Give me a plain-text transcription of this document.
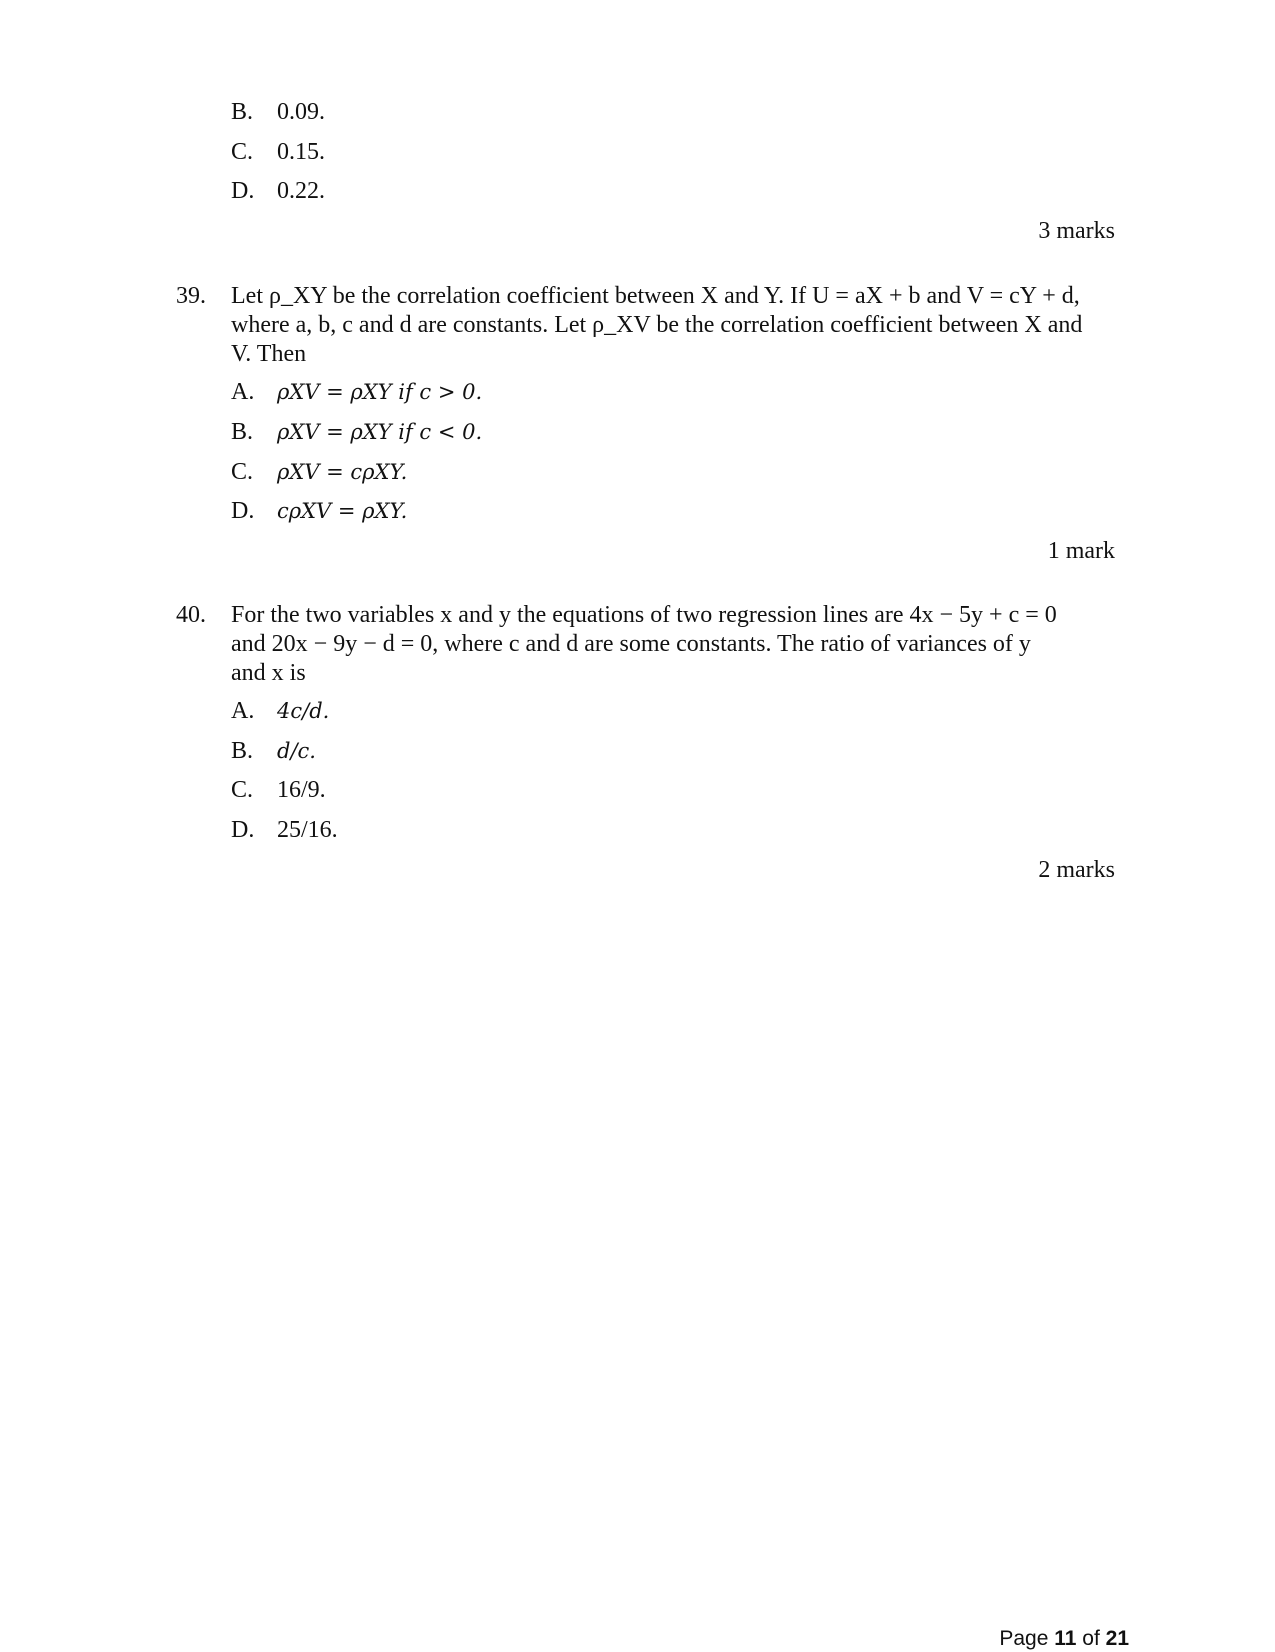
B. 0.09.
C. 0.15.
D. 0.22.
3 marks
39. Let ρ_XY be the correlation coefficient between X and Y. If U = aX + b and V = cY + d,
where a, b, c and d are constants. Let ρ_XV be the correlation coefficient between X and
V. Then
A. ρXV = ρXY if c > 0.
B. ρXV = ρXY if c < 0.
C. ρXV = cρXY.
D. cρXV = ρXY.
1 mark
40. For the two variables x and y the equations of two regression lines are 4x − 5y + c = 0
and 20x − 9y − d = 0, where c and d are some constants. The ratio of variances of y
and x is
A. 4c/d.
B. d/c.
C. 16/9.
D. 25/16.
2 marks
Page 11 of 21
